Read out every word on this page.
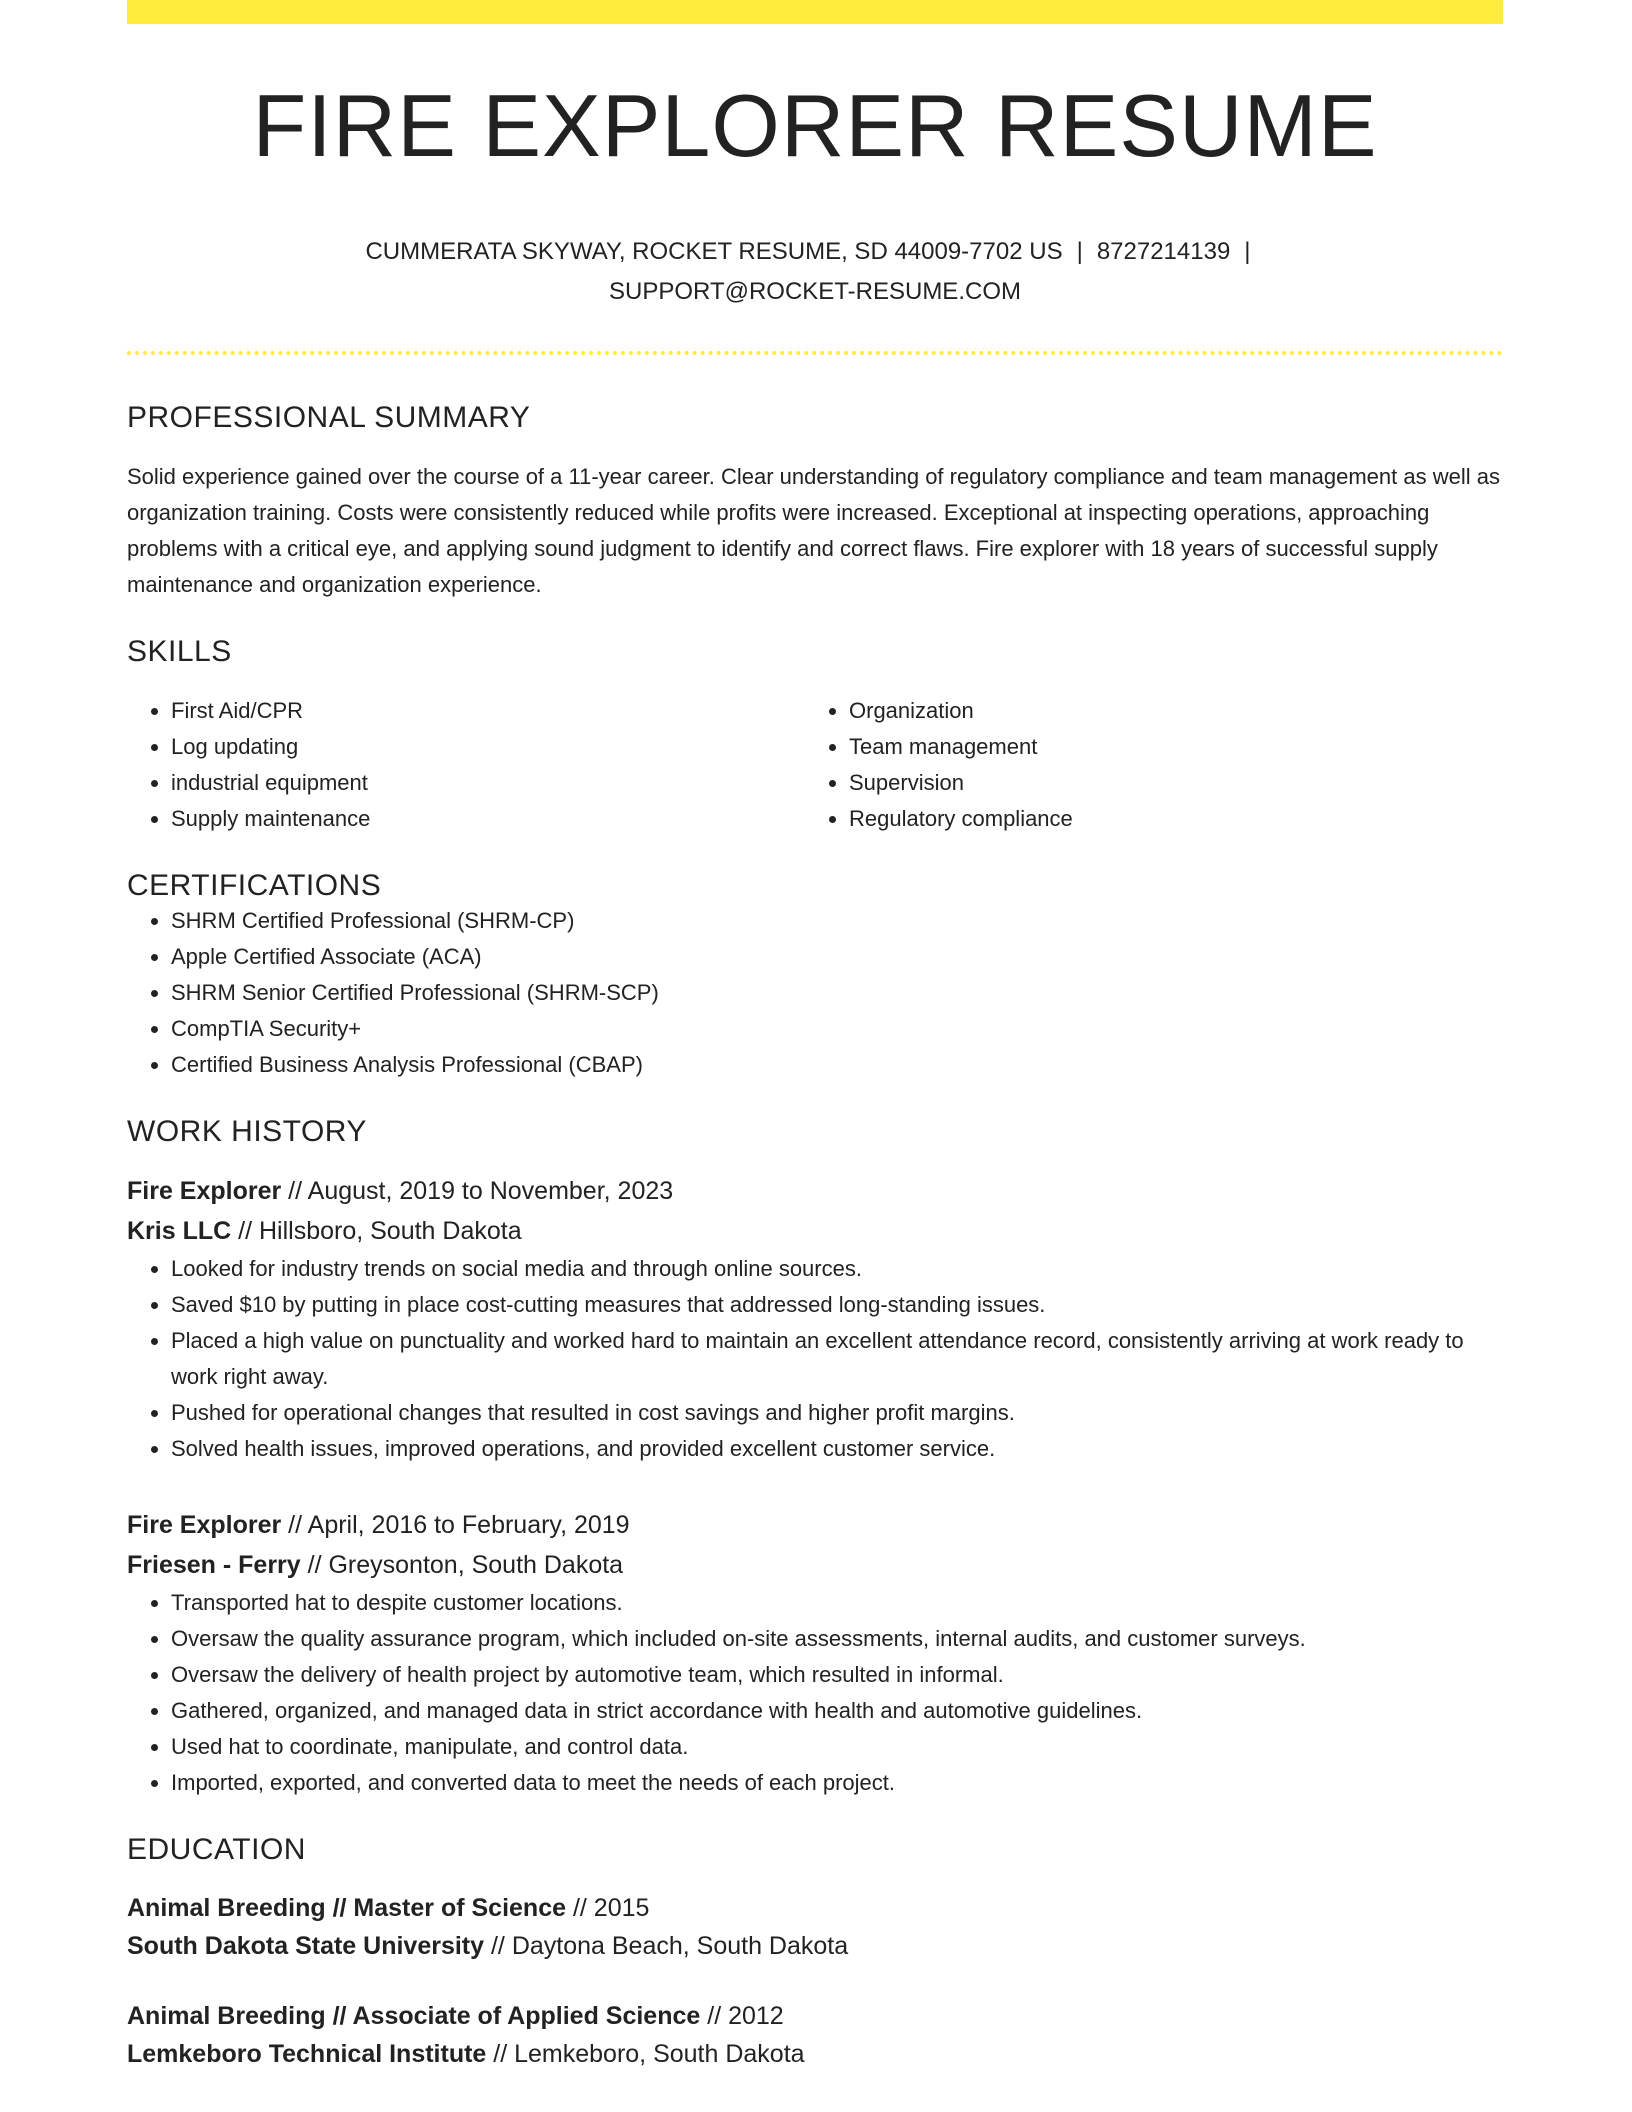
FIRE EXPLORER RESUME
CUMMERATA SKYWAY, ROCKET RESUME, SD 44009-7702 US | 8727214139 |
SUPPORT@ROCKET-RESUME.COM
PROFESSIONAL SUMMARY

Solid experience gained over the course of a 11-year career. Clear understanding of regulatory compliance and team management as well as organization training. Costs were consistently reduced while profits were increased. Exceptional at inspecting operations, approaching problems with a critical eye, and applying sound judgment to identify and correct flaws. Fire explorer with 18 years of successful supply maintenance and organization experience.

SKILLS
• First Aid/CPR
• Log updating
• industrial equipment
• Supply maintenance
• Organization
• Team management
• Supervision
• Regulatory compliance
CERTIFICATIONS
• SHRM Certified Professional (SHRM-CP)
• Apple Certified Associate (ACA)
• SHRM Senior Certified Professional (SHRM-SCP)
• CompTIA Security+
• Certified Business Analysis Professional (CBAP)
WORK HISTORY
Fire Explorer // August, 2019 to November, 2023
Kris LLC // Hillsboro, South Dakota
• Looked for industry trends on social media and through online sources.
• Saved $10 by putting in place cost-cutting measures that addressed long-standing issues.
• Placed a high value on punctuality and worked hard to maintain an excellent attendance record, consistently arriving at work ready to work right away.
• Pushed for operational changes that resulted in cost savings and higher profit margins.
• Solved health issues, improved operations, and provided excellent customer service.
Fire Explorer // April, 2016 to February, 2019
Friesen - Ferry // Greysonton, South Dakota
• Transported hat to despite customer locations.
• Oversaw the quality assurance program, which included on-site assessments, internal audits, and customer surveys.
• Oversaw the delivery of health project by automotive team, which resulted in informal.
• Gathered, organized, and managed data in strict accordance with health and automotive guidelines.
• Used hat to coordinate, manipulate, and control data.
• Imported, exported, and converted data to meet the needs of each project.
EDUCATION
Animal Breeding // Master of Science // 2015
South Dakota State University // Daytona Beach, South Dakota
Animal Breeding // Associate of Applied Science // 2012
Lemkeboro Technical Institute // Lemkeboro, South Dakota
